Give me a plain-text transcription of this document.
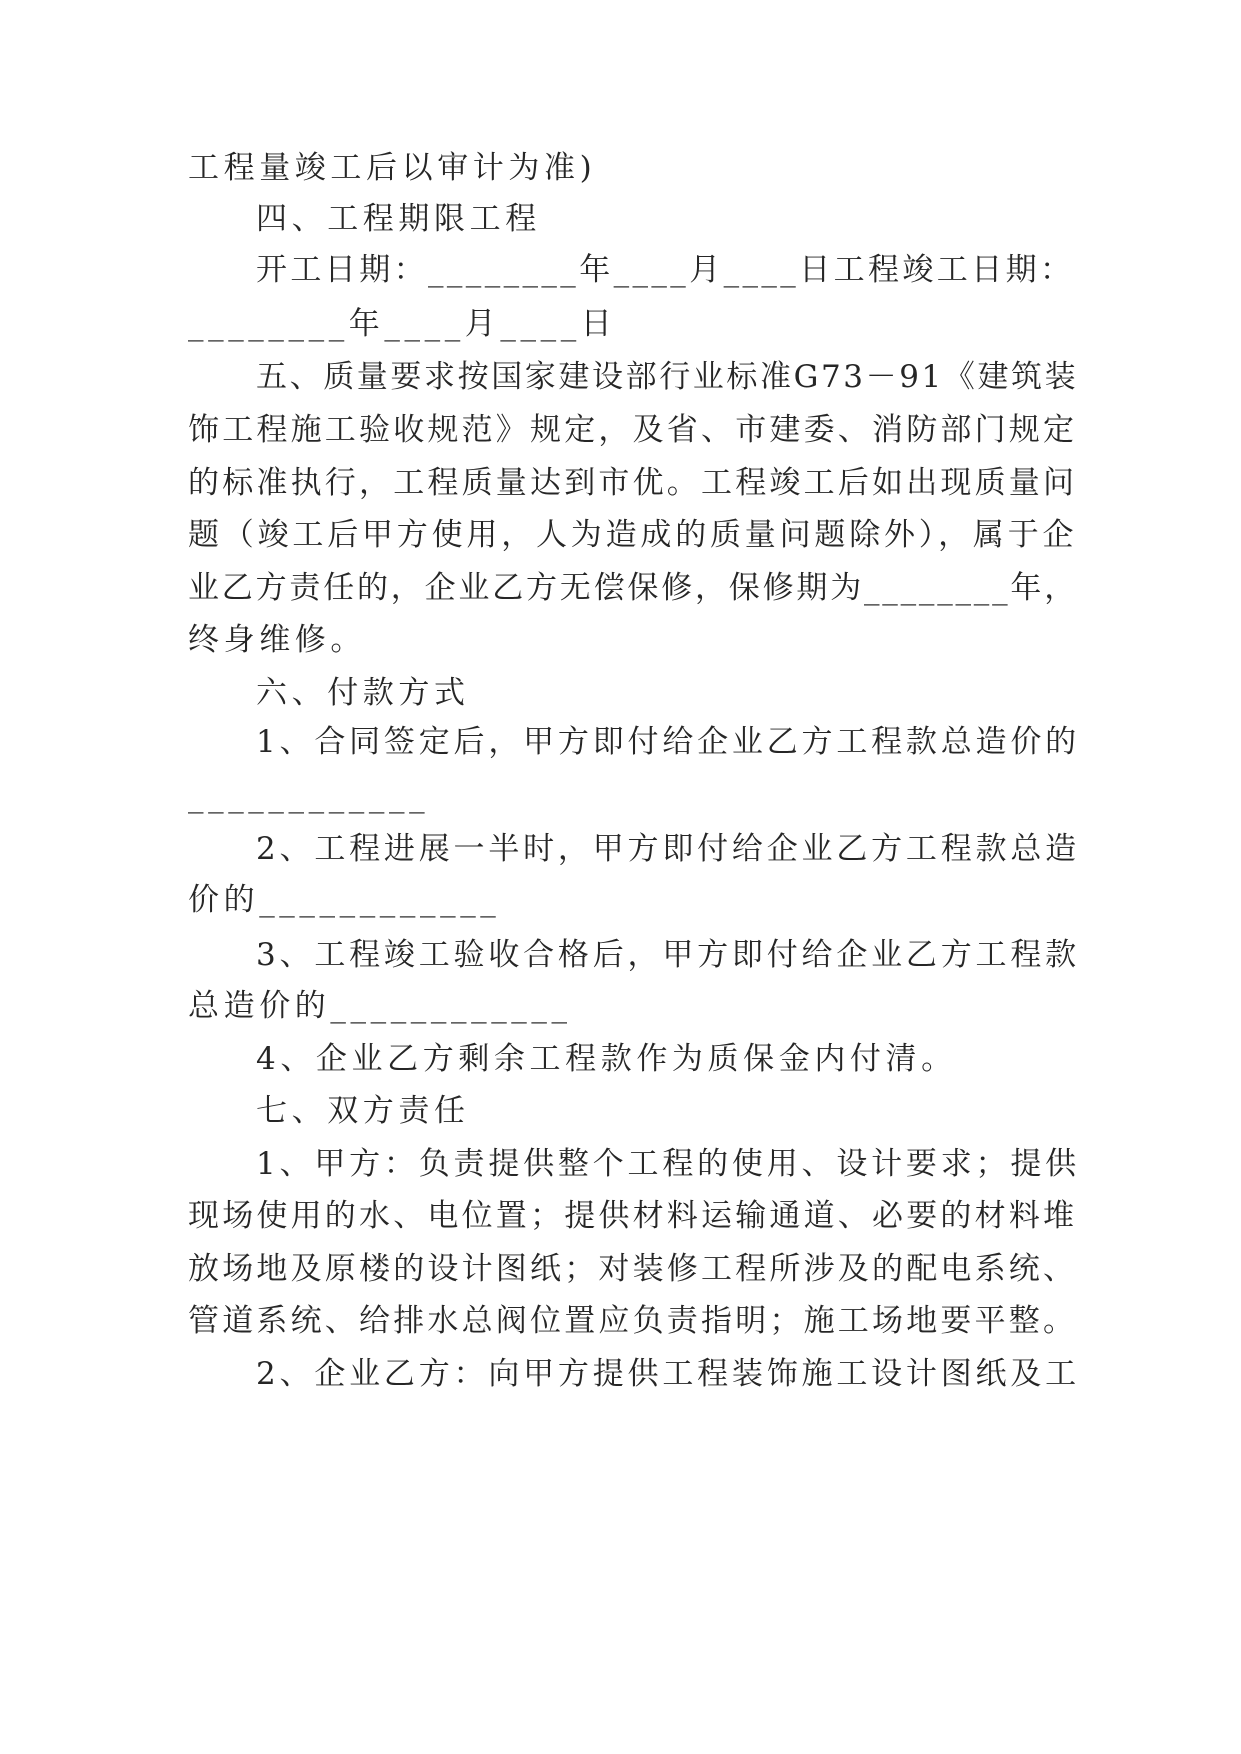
工程量竣工后以审计为准)
四、工程期限工程
开工日期：________年____月____日工程竣工日期：
________年____月____日
五、质量要求按国家建设部行业标准G73－91《建筑装
饰工程施工验收规范》规定，及省、市建委、消防部门规定
的标准执行，工程质量达到市优。工程竣工后如出现质量问
题（竣工后甲方使用，人为造成的质量问题除外），属于企
业乙方责任的，企业乙方无偿保修，保修期为________年，
终身维修。
六、付款方式
1、合同签定后，甲方即付给企业乙方工程款总造价的
____________
2、工程进展一半时，甲方即付给企业乙方工程款总造
价的____________
3、工程竣工验收合格后，甲方即付给企业乙方工程款
总造价的____________
4、企业乙方剩余工程款作为质保金内付清。
七、双方责任
1、甲方：负责提供整个工程的使用、设计要求；提供
现场使用的水、电位置；提供材料运输通道、必要的材料堆
放场地及原楼的设计图纸；对装修工程所涉及的配电系统、
管道系统、给排水总阀位置应负责指明；施工场地要平整。
2、企业乙方：向甲方提供工程装饰施工设计图纸及工
